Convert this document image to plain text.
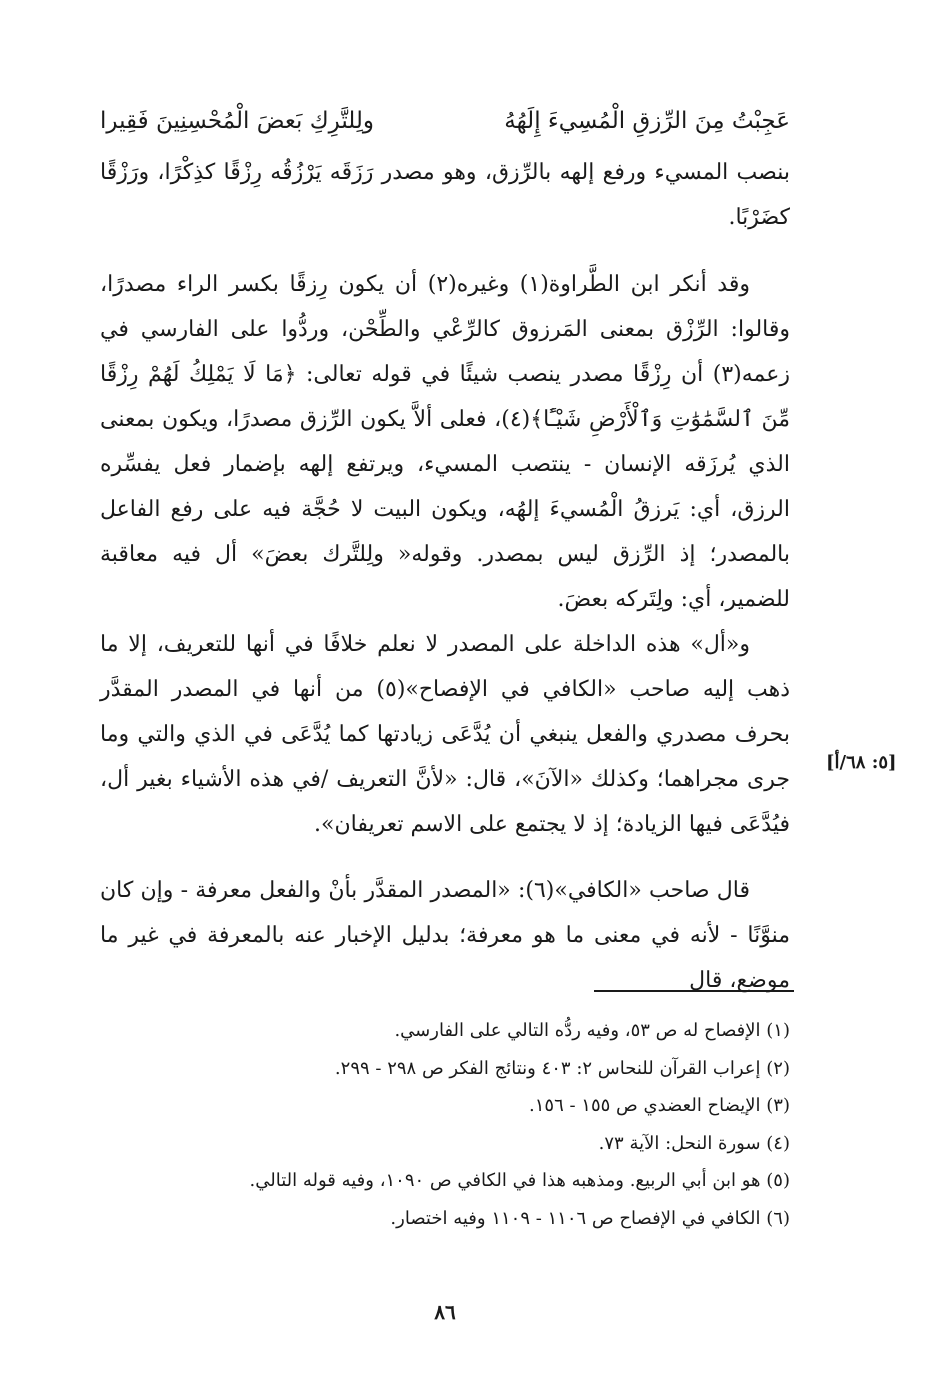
عَجِبْتُ مِنَ الرِّزقِ الْمُسِيءَ إِلَهُهُ
ولِلتَّرِكِ بَعضَ الْمُحْسِنِينَ فَقِيرا
بنصب المسيء ورفع إلهه بالرِّزق، وهو مصدر رَزَقَه يَرْزُقُه رِزْقًا كذِكْرًا، ورَزْقًا كضَرْبًا.
وقد أنكر ابن الطَّراوة(١) وغيره(٢) أن يكون رِزقًا بكسر الراء مصدرًا، وقالوا: الرِّزْق بمعنى المَرزوق كالرِّعْي والطِّحْن، وردُّوا على الفارسي في زعمه(٣) أن رِزْقًا مصدر ينصب شيئًا في قوله تعالى: ﴿مَا لَا يَمْلِكُ لَهُمْ رِزْقًا مِّنَ ٱلسَّمَٰوَٰتِ وَٱلْأَرْضِ شَيْـًٔا﴾(٤)، فعلى ألاَّ يكون الرِّزق مصدرًا، ويكون بمعنى الذي يُرزَقه الإنسان - ينتصب المسيء، ويرتفع إلهه بإضمار فعل يفسِّره الرزق، أي: يَرزقُ الْمُسيءَ إلهُه، ويكون البيت لا حُجَّة فيه على رفع الفاعل بالمصدر؛ إذ الرِّزق ليس بمصدر. وقوله« ولِلتَّرك بعضَ» أل فيه معاقبة للضمير، أي: ولِتَركه بعضَ.
و«أل» هذه الداخلة على المصدر لا نعلم خلافًا في أنها للتعريف، إلا ما ذهب إليه صاحب «الكافي في الإفصاح»(٥) من أنها في المصدر المقدَّر بحرف مصدري والفعل ينبغي أن يُدَّعَى زيادتها كما يُدَّعَى في الذي والتي وما جرى مجراهما؛ وكذلك «الآنَ»، قال: «لأنَّ التعريف /في هذه الأشياء بغير أل، فيُدَّعَى فيها الزيادة؛ إذ لا يجتمع على الاسم تعريفان».
[٥: ٦٨/أ]
قال صاحب «الكافي»(٦): «المصدر المقدَّر بأنْ والفعل معرفة - وإن كان منوَّنًا - لأنه في معنى ما هو معرفة؛ بدليل الإخبار عنه بالمعرفة في غير ما موضع، قال
(١) الإفصاح له ص ٥٣، وفيه ردُّه التالي على الفارسي.
(٢) إعراب القرآن للنحاس ٢: ٤٠٣ ونتائج الفكر ص ٢٩٨ - ٢٩٩.
(٣) الإيضاح العضدي ص ١٥٥ - ١٥٦.
(٤) سورة النحل: الآية ٧٣.
(٥) هو ابن أبي الربيع. ومذهبه هذا في الكافي ص ١٠٩٠، وفيه قوله التالي.
(٦) الكافي في الإفصاح ص ١١٠٦ - ١١٠٩ وفيه اختصار.
٨٦
